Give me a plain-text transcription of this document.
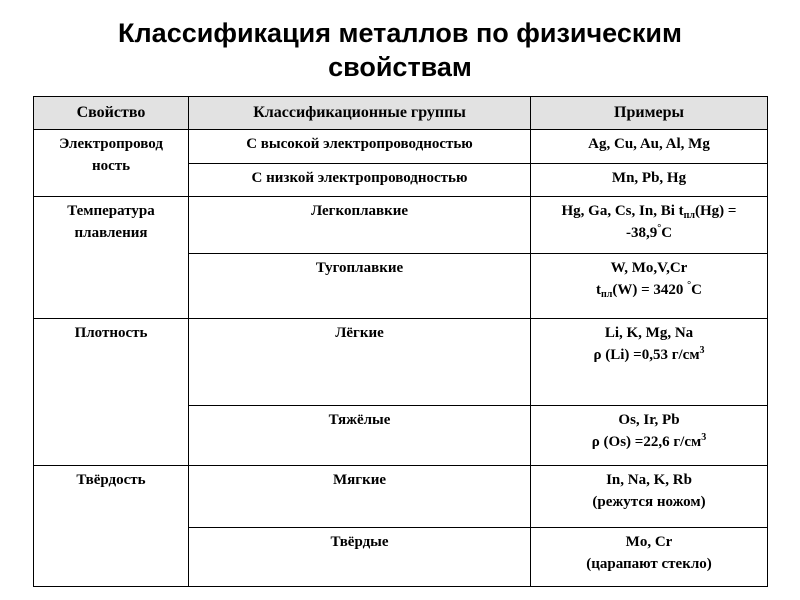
Классификация металлов по физическим
свойствам
Свойство	Классификационные группы	Примеры

Электропровод
ность	С высокой электропроводностью	Ag, Cu, Au, Al, Mg
	С низкой электропроводностью	Mn, Pb, Hg

Температура
плавления	Легкоплавкие	Hg, Ga, Cs, In, Bi $t_{пл}(Hg)$ =
-38,9°C

	Тугоплавкие	W, Mo,V,Cr
$t_{пл}(W) = 3420$ °C

Плотность	Лёгкие	Li, K, Mg, Na
ρ (Li) =0,53 $г/см^3$

	Тяжёлые	Os, Ir, Pb
ρ (Os) =22,6 $г/см^3$

Твёрдость	Мягкие	In, Na, K, Rb
(режутся ножом)

	Твёрдые	Mo, Cr
(царапают стекло)
